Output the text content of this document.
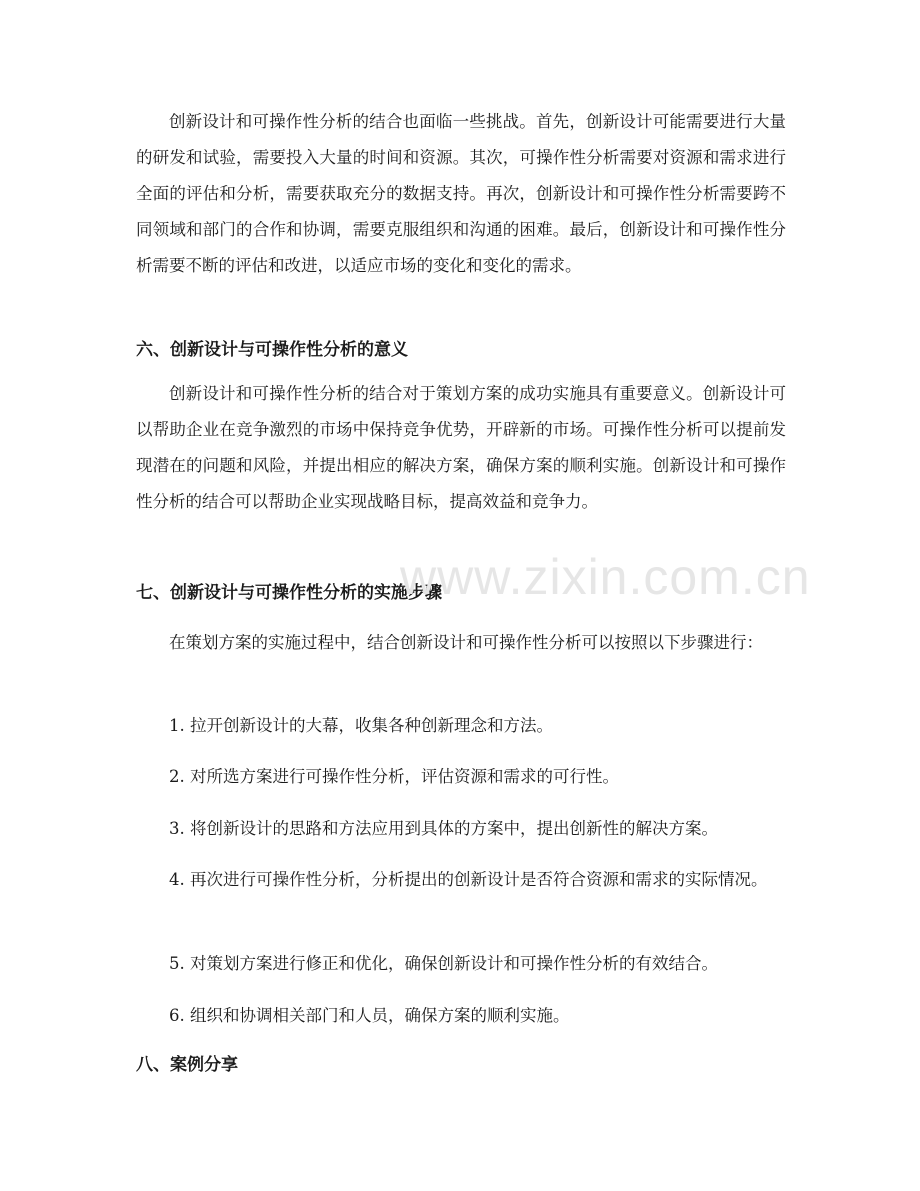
创新设计和可操作性分析的结合也面临一些挑战。首先，创新设计可能需要进行大量的研发和试验，需要投入大量的时间和资源。其次，可操作性分析需要对资源和需求进行全面的评估和分析，需要获取充分的数据支持。再次，创新设计和可操作性分析需要跨不同领域和部门的合作和协调，需要克服组织和沟通的困难。最后，创新设计和可操作性分析需要不断的评估和改进，以适应市场的变化和变化的需求。

六、创新设计与可操作性分析的意义

创新设计和可操作性分析的结合对于策划方案的成功实施具有重要意义。创新设计可以帮助企业在竞争激烈的市场中保持竞争优势，开辟新的市场。可操作性分析可以提前发现潜在的问题和风险，并提出相应的解决方案，确保方案的顺利实施。创新设计和可操作性分析的结合可以帮助企业实现战略目标，提高效益和竞争力。

七、创新设计与可操作性分析的实施步骤

在策划方案的实施过程中，结合创新设计和可操作性分析可以按照以下步骤进行：

1. 拉开创新设计的大幕，收集各种创新理念和方法。

2. 对所选方案进行可操作性分析，评估资源和需求的可行性。

3. 将创新设计的思路和方法应用到具体的方案中，提出创新性的解决方案。

4. 再次进行可操作性分析，分析提出的创新设计是否符合资源和需求的实际情况。

5. 对策划方案进行修正和优化，确保创新设计和可操作性分析的有效结合。

6. 组织和协调相关部门和人员，确保方案的顺利实施。

八、案例分享
www.zixin.com.cn
